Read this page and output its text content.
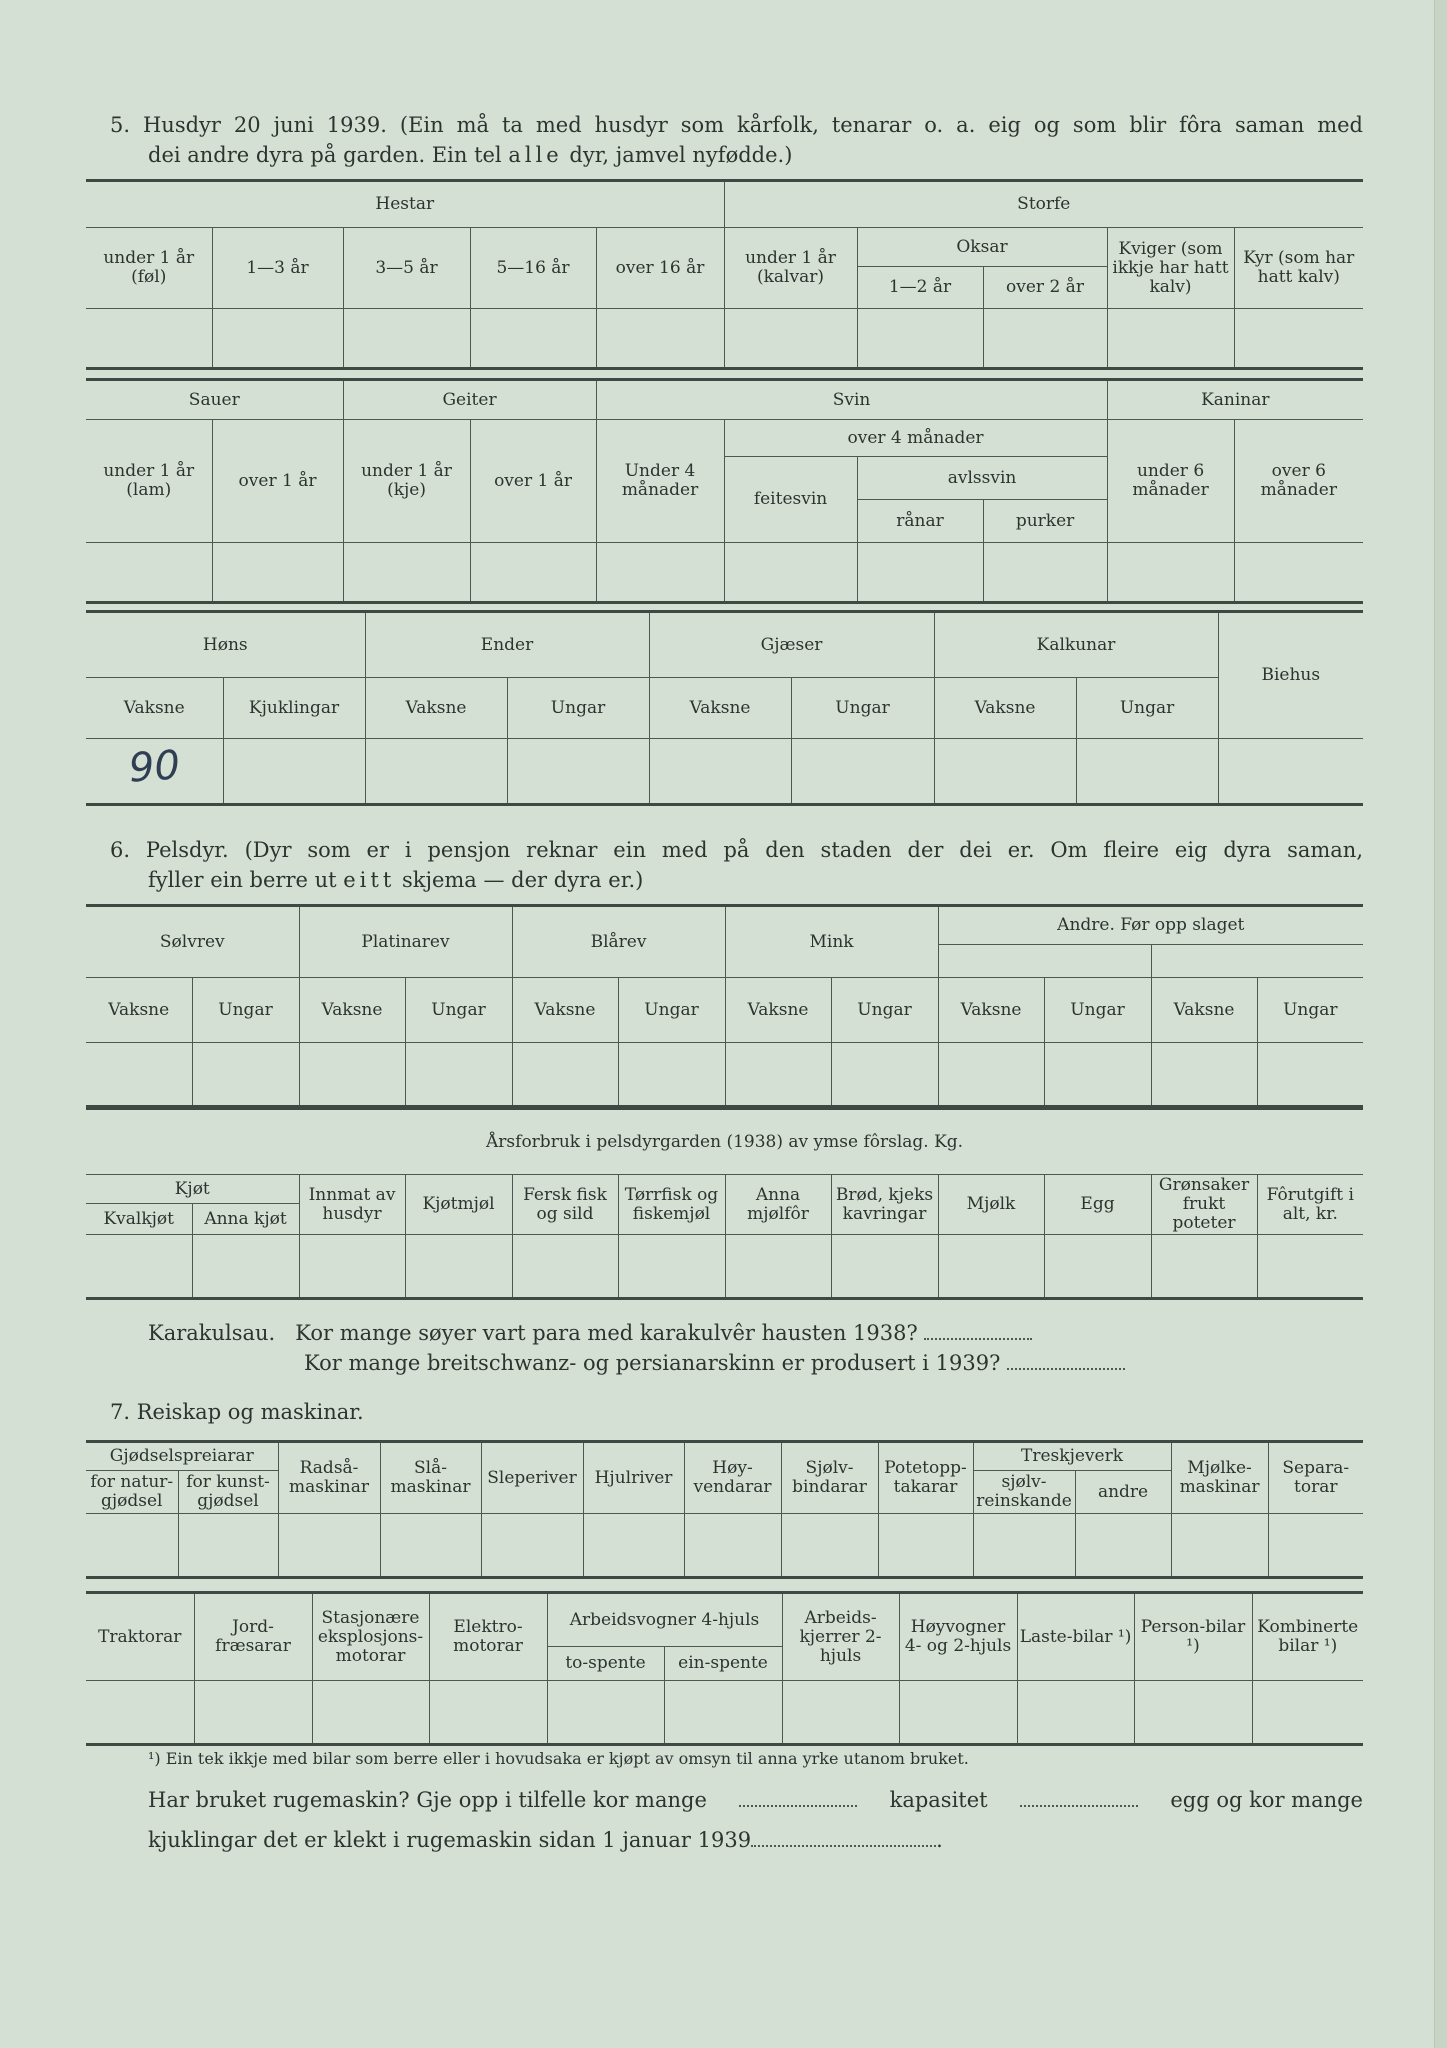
5. Husdyr 20 juni 1939. (Ein må ta med husdyr som kårfolk, tenarar o. a. eig og som blir fôra saman med
dei andre dyra på garden. Ein tel alle dyr, jamvel nyfødde.)
Hestar					Storfe				
under 1 år (føl)	1—3 år	3—5 år	5—16 år	over 16 år	under 1 år (kalvar)	Oksar		Kviger (som ikkje har hatt kalv)	Kyr (som har hatt kalv)
						1—2 år	over 2 år		

Sauer		Geiter		Svin				Kaninar	
under 1 år (lam)	over 1 år	under 1 år (kje)	over 1 år	Under 4 månader	over 4 månader			under 6 månader	over 6 månader
					feitesvin	avlssvin			
						rånar	purker		

Høns		Ender		Gjæser		Kalkunar		Biehus
Vaksne	Kjuklingar	Vaksne	Ungar	Vaksne	Ungar	Vaksne	Ungar	
90								
6. Pelsdyr. (Dyr som er i pensjon reknar ein med på den staden der dei er. Om fleire eig dyra saman,
fyller ein berre ut eitt skjema — der dyra er.)
Sølvrev		Platinarev		Blårev		Mink		Andre. Før opp slaget			

Vaksne	Ungar	Vaksne	Ungar	Vaksne	Ungar	Vaksne	Ungar	Vaksne	Ungar	Vaksne	Ungar

Årsforbruk i pelsdyrgarden (1938) av ymse fôrslag. Kg.											
Kjøt		Innmat av husdyr	Kjøtmjøl	Fersk fisk og sild	Tørrfisk og fiskemjøl	Anna mjølfôr	Brød, kjeks kavringar	Mjølk	Egg	Grønsaker frukt poteter	Fôrutgift i alt, kr.
Kvalkjøt	Anna kjøt										

Karakulsau. Kor mange søyer vart para med karakulvêr hausten 1938?
Kor mange breitschwanz- og persianarskinn er produsert i 1939?
7. Reiskap og maskinar.
Gjødselspreiarar		Radså-maskinar	Slå-maskinar	Sleperiver	Hjulriver	Høy-vendarar	Sjølv-bindarar	Potetopp-takarar	Treskjeverk		Mjølke-maskinar	Separa-torar
for natur-gjødsel	for kunst-gjødsel								sjølv-reinskande	andre		

Traktorar	Jord-fræsarar	Stasjonære eksplosjons-motorar	Elektro-motorar	Arbeidsvogner 4-hjuls		Arbeids-kjerrer 2-hjuls	Høyvogner 4- og 2-hjuls	Laste-bilar ¹)	Person-bilar ¹)	Kombinerte bilar ¹)
				to-spente	ein-spente					

¹) Ein tek ikkje med bilar som berre eller i hovudsaka er kjøpt av omsyn til anna yrke utanom bruket.
Har bruket rugemaskin? Gje opp i tilfelle kor mange	kapasitet	egg og kor mange
kjuklingar det er klekt i rugemaskin sidan 1 januar 1939	.
